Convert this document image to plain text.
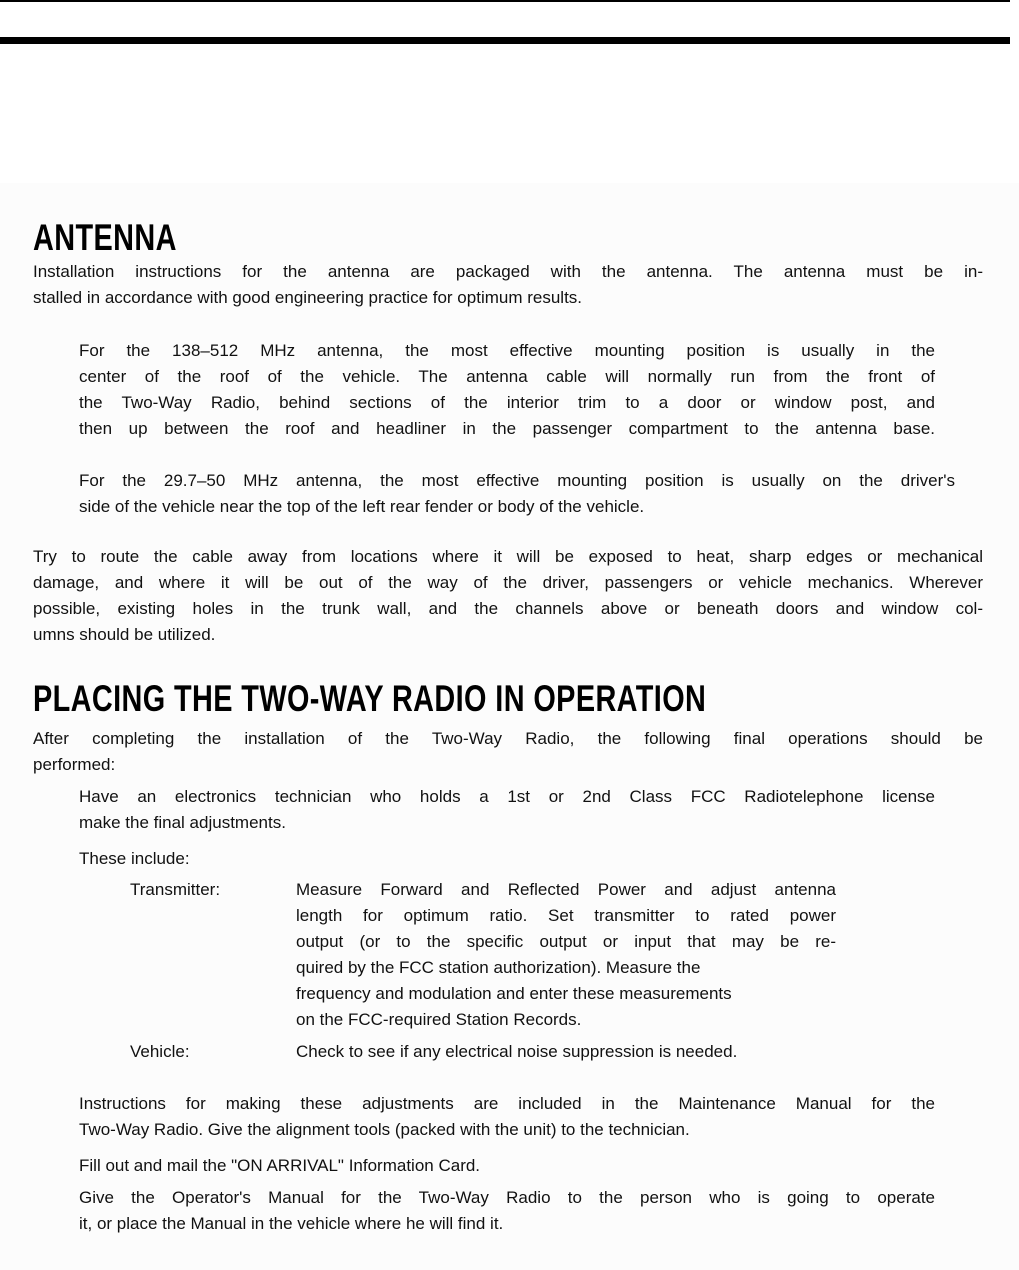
ANTENNA
Installation instructions for the antenna are packaged with the antenna. The antenna must be in-
stalled in accordance with good engineering practice for optimum results.
For the 138–512 MHz antenna, the most effective mounting position is usually in the
center of the roof of the vehicle. The antenna cable will normally run from the front of
the Two-Way Radio, behind sections of the interior trim to a door or window post, and
then up between the roof and headliner in the passenger compartment to the antenna base.
For the 29.7–50 MHz antenna, the most effective mounting position is usually on the driver's
side of the vehicle near the top of the left rear fender or body of the vehicle.
Try to route the cable away from locations where it will be exposed to heat, sharp edges or mechanical
damage, and where it will be out of the way of the driver, passengers or vehicle mechanics. Wherever
possible, existing holes in the trunk wall, and the channels above or beneath doors and window col-
umns should be utilized.
PLACING THE TWO-WAY RADIO IN OPERATION
After completing the installation of the Two-Way Radio, the following final operations should be
performed:
Have an electronics technician who holds a 1st or 2nd Class FCC Radiotelephone license
make the final adjustments.
These include:
Transmitter:	Measure Forward and Reflected Power and adjust antenna
length for optimum ratio. Set transmitter to rated power
output (or to the specific output or input that may be re-
quired by the FCC station authorization). Measure the
frequency and modulation and enter these measurements
on the FCC-required Station Records.
Vehicle:	Check to see if any electrical noise suppression is needed.
Instructions for making these adjustments are included in the Maintenance Manual for the
Two-Way Radio. Give the alignment tools (packed with the unit) to the technician.
Fill out and mail the "ON ARRIVAL" Information Card.
Give the Operator's Manual for the Two-Way Radio to the person who is going to operate
it, or place the Manual in the vehicle where he will find it.
